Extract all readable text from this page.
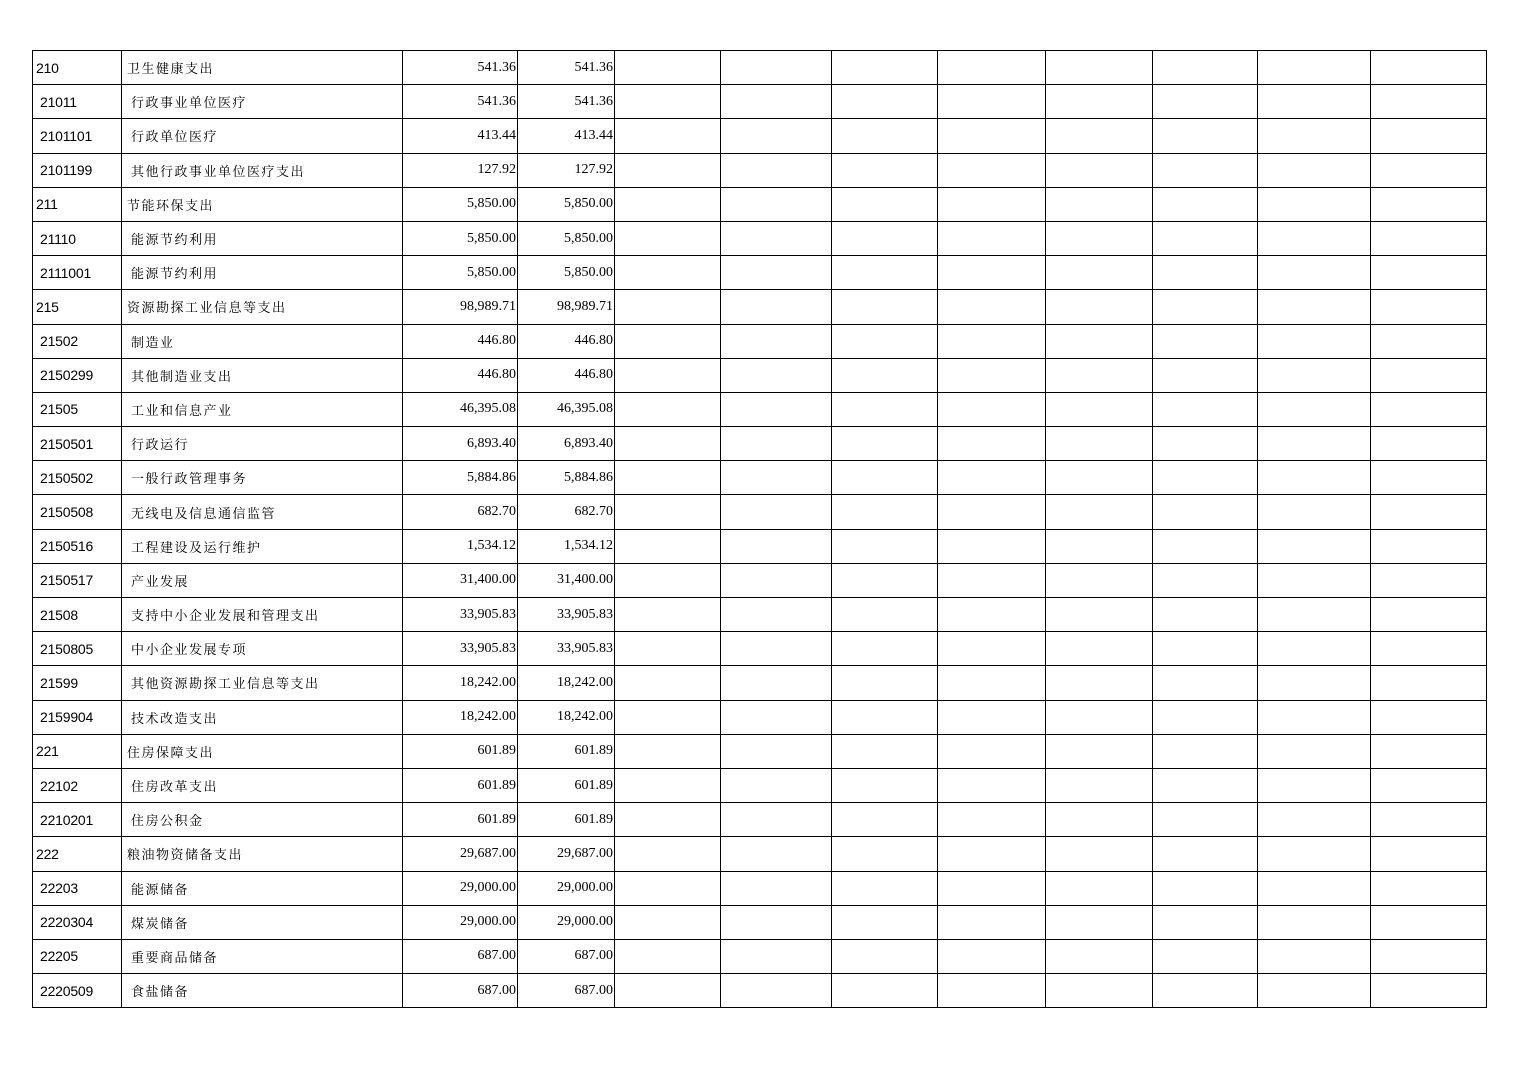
210	卫生健康支出	541.36	541.36								
21011	行政事业单位医疗	541.36	541.36								
2101101	行政单位医疗	413.44	413.44								
2101199	其他行政事业单位医疗支出	127.92	127.92								
211	节能环保支出	5,850.00	5,850.00								
21110	能源节约利用	5,850.00	5,850.00								
2111001	能源节约利用	5,850.00	5,850.00								
215	资源勘探工业信息等支出	98,989.71	98,989.71								
21502	制造业	446.80	446.80								
2150299	其他制造业支出	446.80	446.80								
21505	工业和信息产业	46,395.08	46,395.08								
2150501	行政运行	6,893.40	6,893.40								
2150502	一般行政管理事务	5,884.86	5,884.86								
2150508	无线电及信息通信监管	682.70	682.70								
2150516	工程建设及运行维护	1,534.12	1,534.12								
2150517	产业发展	31,400.00	31,400.00								
21508	支持中小企业发展和管理支出	33,905.83	33,905.83								
2150805	中小企业发展专项	33,905.83	33,905.83								
21599	其他资源勘探工业信息等支出	18,242.00	18,242.00								
2159904	技术改造支出	18,242.00	18,242.00								
221	住房保障支出	601.89	601.89								
22102	住房改革支出	601.89	601.89								
2210201	住房公积金	601.89	601.89								
222	粮油物资储备支出	29,687.00	29,687.00								
22203	能源储备	29,000.00	29,000.00								
2220304	煤炭储备	29,000.00	29,000.00								
22205	重要商品储备	687.00	687.00								
2220509	食盐储备	687.00	687.00								
